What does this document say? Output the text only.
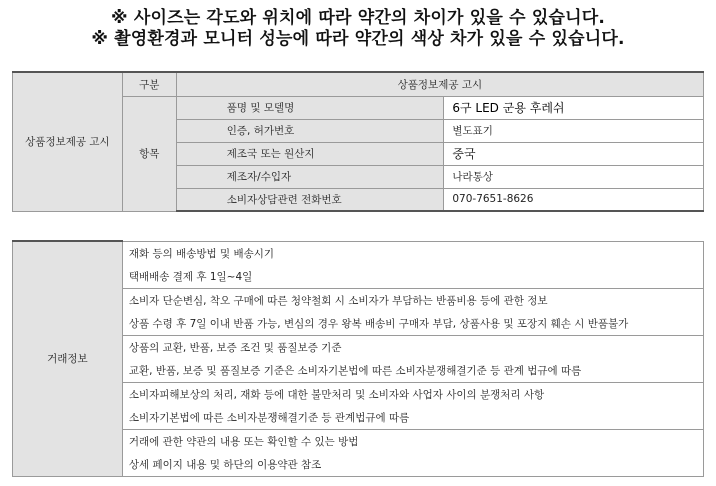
※ 사이즈는 각도와 위치에 따라 약간의 차이가 있을 수 있습니다.
※ 촬영환경과 모니터 성능에 따라 약간의 색상 차가 있을 수 있습니다.
상품정보제공 고시	구분	상품정보제공 고시	
	항목	품명 및 모델명	6구 LED 군용 후레쉬
		인증, 허가번호	별도표기
		제조국 또는 원산지	중국
		제조자/수입자	나라통상
		소비자상담관련 전화번호	070-7651-8626
거래정보	재화 등의 배송방법 및 배송시기
택배배송 결제 후 1일~4일
소비자 단순변심, 착오 구매에 따른 청약철회 시 소비자가 부담하는 반품비용 등에 관한 정보
상품 수령 후 7일 이내 반품 가능, 변심의 경우 왕복 배송비 구매자 부담, 상품사용 및 포장지 훼손 시 반품불가
상품의 교환, 반품, 보증 조건 및 품질보증 기준
교환, 반품, 보증 및 품질보증 기준은 소비자기본법에 따른 소비자분쟁해결기준 등 관계 법규에 따름
소비자피해보상의 처리, 재화 등에 대한 불만처리 및 소비자와 사업자 사이의 분쟁처리 사항
소비자기본법에 따른 소비자분쟁해결기준 등 관계법규에 따름
거래에 관한 약관의 내용 또는 확인할 수 있는 방법
상세 페이지 내용 및 하단의 이용약관 참조
